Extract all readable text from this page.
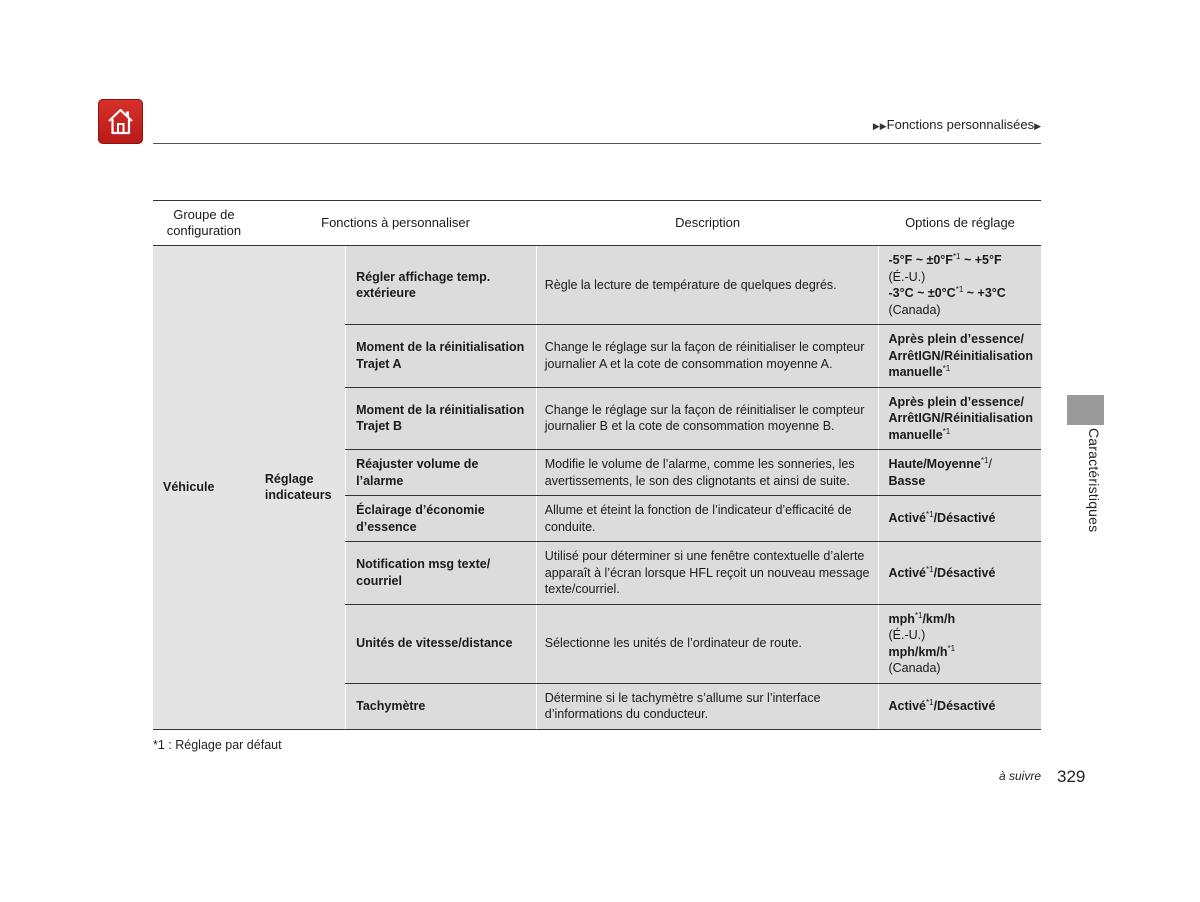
▶▶Fonctions personnalisées▶
Groupe de configuration	Fonctions à personnaliser		Description	Options de réglage
Véhicule	Réglage indicateurs	Régler affichage temp. extérieure	Règle la lecture de température de quelques degrés.	-5°F ~ $\pm 0^\circ F^{*1}$ ~ +5°F
(É.-U.)
-3°C ~ $\pm 0^\circ C^{*1}$ ~ +3°C
(Canada)
		Moment de la réinitialisation Trajet A	Change le réglage sur la façon de réinitialiser le compteur journalier A et la cote de consommation moyenne A.	Après plein d’essence/ ArrêtIGN/Réinitialisation manuelle$^{*1}$
		Moment de la réinitialisation Trajet B	Change le réglage sur la façon de réinitialiser le compteur journalier B et la cote de consommation moyenne B.	Après plein d’essence/ ArrêtIGN/Réinitialisation manuelle$^{*1}$
		Réajuster volume de l’alarme	Modifie le volume de l’alarme, comme les sonneries, les avertissements, le son des clignotants et ainsi de suite.	Haute/Moyenne$^{*1}$/
Basse
		Éclairage d’économie d’essence	Allume et éteint la fonction de l’indicateur d’efficacité de conduite.	Activé$^{*1}$/Désactivé
		Notification msg texte/ courriel	Utilisé pour déterminer si une fenêtre contextuelle d’alerte apparaît à l’écran lorsque HFL reçoit un nouveau message texte/courriel.	Activé$^{*1}$/Désactivé
		Unités de vitesse/distance	Sélectionne les unités de l’ordinateur de route.	mph$^{*1}$/km/h
(É.-U.)
mph/$km/h^{*1}$
(Canada)
		Tachymètre	Détermine si le tachymètre s’allume sur l’interface d’informations du conducteur.	Activé$^{*1}$/Désactivé
*1 : Réglage par défaut
Caractéristiques
à suivre 329
